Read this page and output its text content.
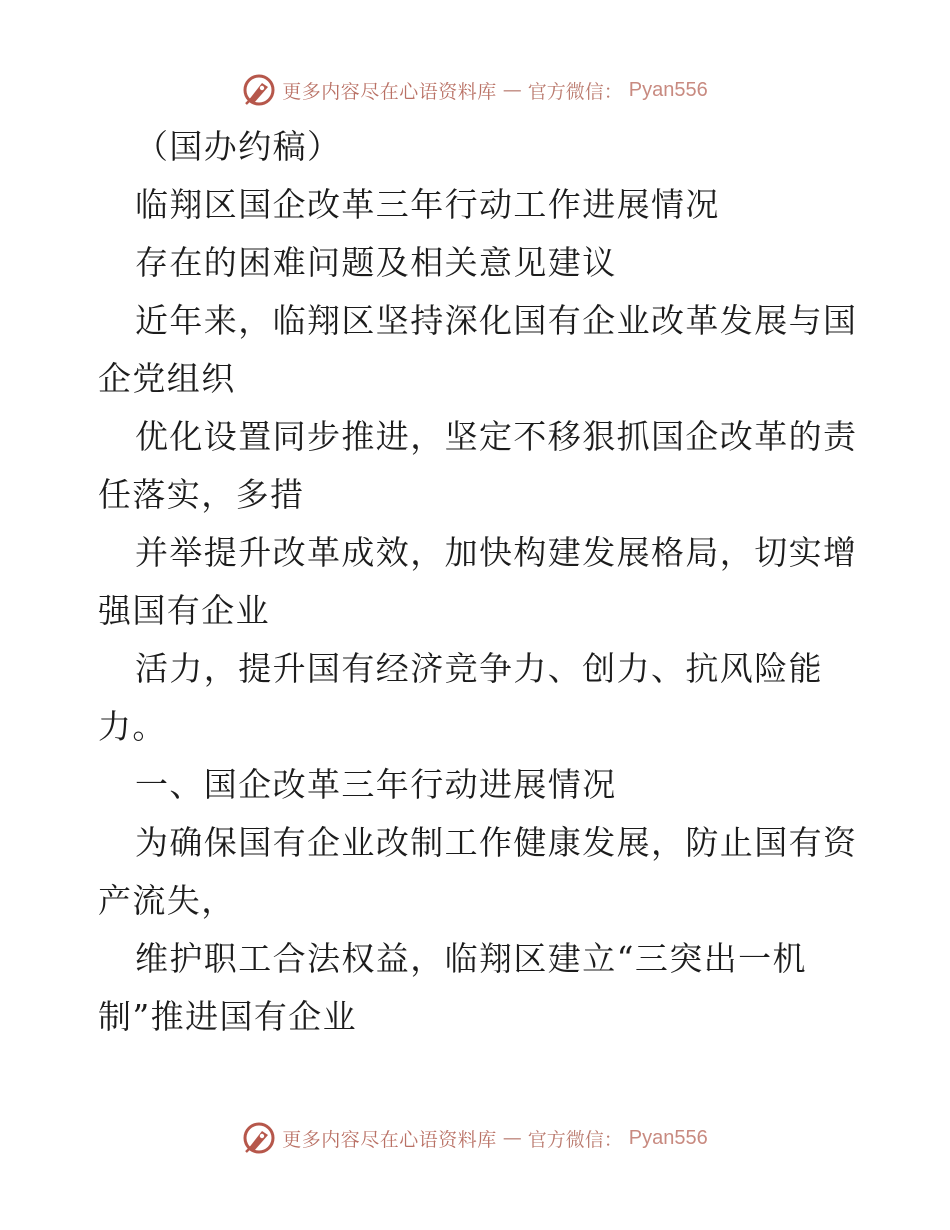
更多内容尽在心语资料库 — 官方微信： Pyan556
（国办约稿）
临翔区国企改革三年行动工作进展情况
存在的困难问题及相关意见建议
近年来，临翔区坚持深化国有企业改革发展与国
企党组织
优化设置同步推进，坚定不移狠抓国企改革的责
任落实，多措
并举提升改革成效，加快构建发展格局，切实增
强国有企业
活力，提升国有经济竞争力、创力、抗风险能
力。
一、国企改革三年行动进展情况
为确保国有企业改制工作健康发展，防止国有资
产流失，
维护职工合法权益，临翔区建立“三突出一机
制”推进国有企业
更多内容尽在心语资料库 — 官方微信： Pyan556
